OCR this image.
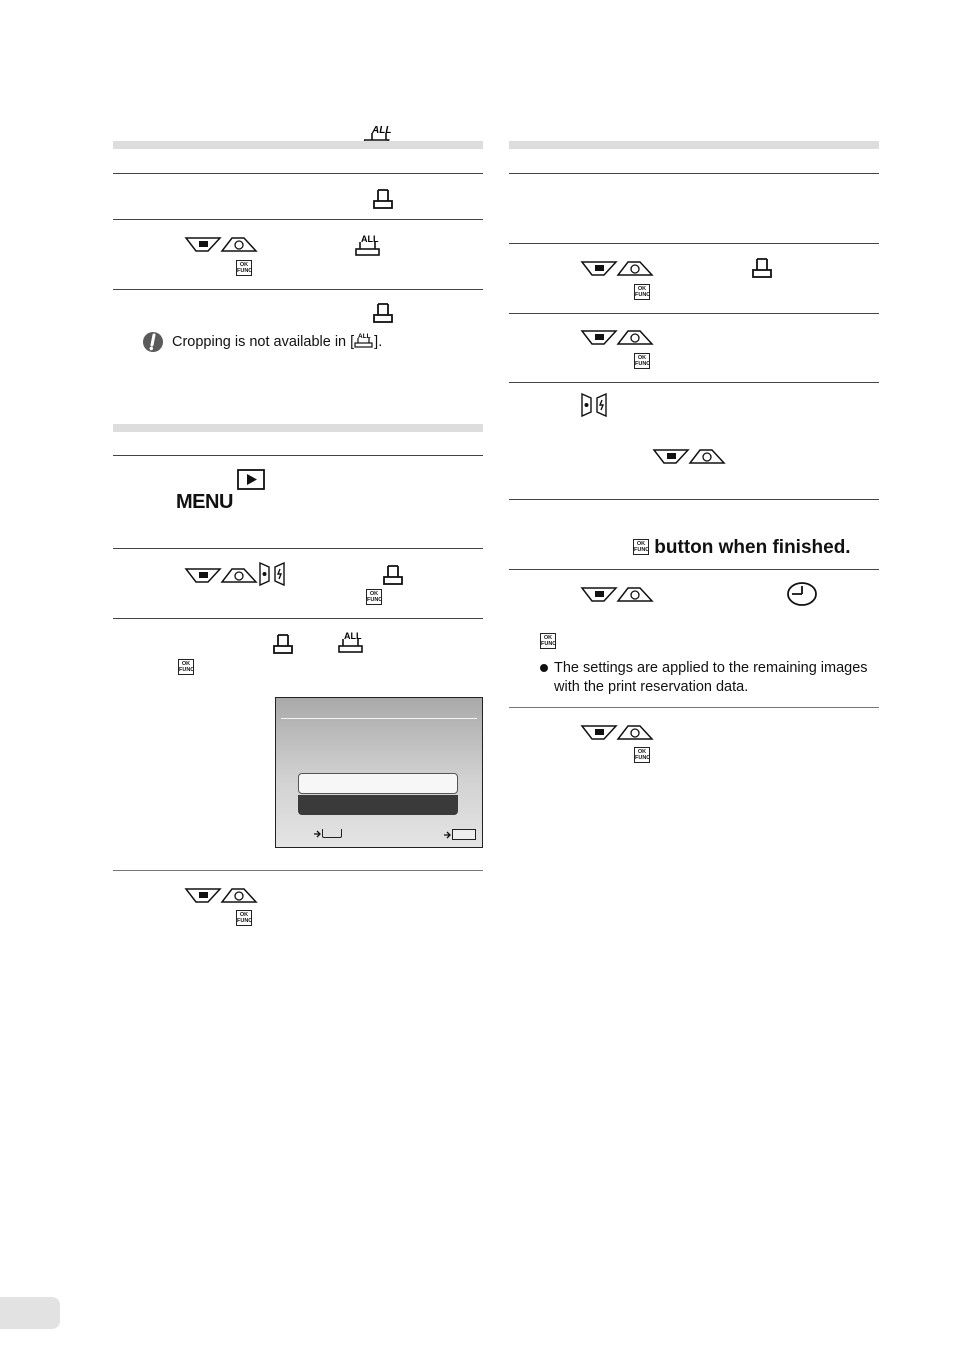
ALL
ALL
OK
FUNC
Cropping is not available in [ ALL ].
MENU
OK
FUNC
ALL
OK
FUNC
OK
FUNC
OK
FUNC
OK
FUNC
OK
FUNC button when finished.
OK
FUNC
The settings are applied to the remaining images
with the print reservation data.
OK
FUNC
